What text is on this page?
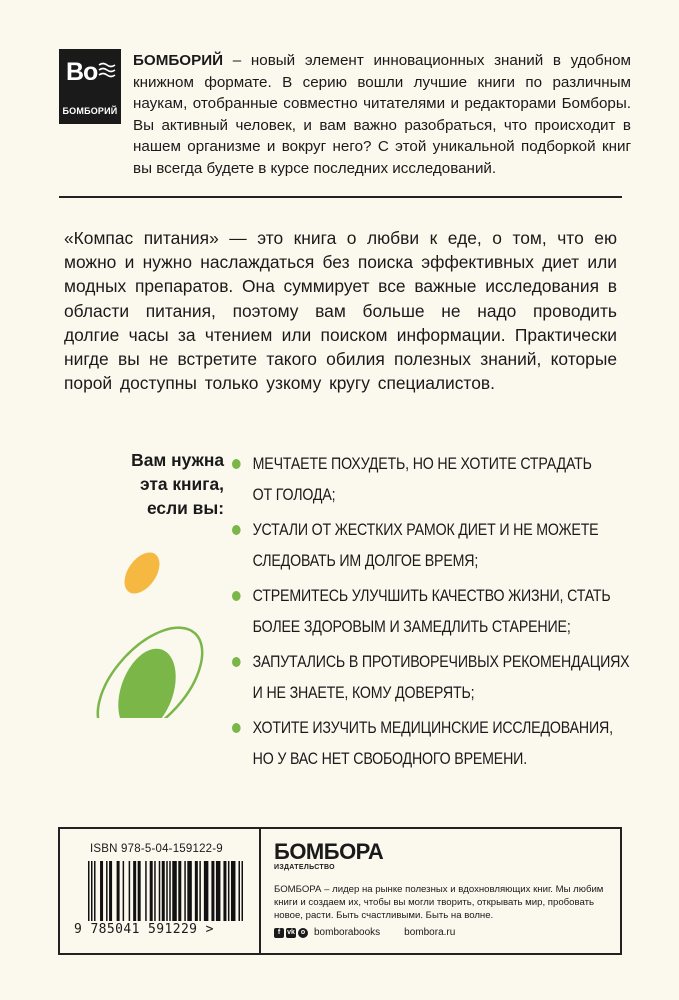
Bo
БОМБОРИЙ
БОМБОРИЙ – новый элемент инновационных знаний в удобном книжном формате. В серию вошли лучшие книги по различным наукам, отобранные совместно читателями и редакторами Бомборы. Вы активный человек, и вам важно разобраться, что происходит в нашем организме и вокруг него? С этой уникальной подборкой книг вы всегда будете в курсе последних исследований.
«Компас питания» — это книга о любви к еде, о том, что ею можно и нужно наслаждаться без поиска эффективных диет или модных препаратов. Она суммирует все важные исследования в области питания, поэтому вам больше не надо проводить долгие часы за чтением или поиском информации. Практически нигде вы не встретите такого обилия полезных знаний, которые порой доступны только узкому кругу специалистов.
Вам нужна
эта книга,
если вы:
МЕЧТАЕТЕ ПОХУДЕТЬ, НО НЕ ХОТИТЕ СТРАДАТЬ
ОТ ГОЛОДА;
УСТАЛИ ОТ ЖЕСТКИХ РАМОК ДИЕТ И НЕ МОЖЕТЕ
СЛЕДОВАТЬ ИМ ДОЛГОЕ ВРЕМЯ;
СТРЕМИТЕСЬ УЛУЧШИТЬ КАЧЕСТВО ЖИЗНИ, СТАТЬ
БОЛЕЕ ЗДОРОВЫМ И ЗАМЕДЛИТЬ СТАРЕНИЕ;
ЗАПУТАЛИСЬ В ПРОТИВОРЕЧИВЫХ РЕКОМЕНДАЦИЯХ
И НЕ ЗНАЕТЕ, КОМУ ДОВЕРЯТЬ;
ХОТИТЕ ИЗУЧИТЬ МЕДИЦИНСКИЕ ИССЛЕДОВАНИЯ,
НО У ВАС НЕТ СВОБОДНОГО ВРЕМЕНИ.
ISBN 978-5-04-159122-9
9 785041 591229 >
БОМБОРА
ИЗДАТЕЛЬСТВО
БОМБОРА – лидер на рынке полезных и вдохновляющих книг. Мы любим книги и создаем их, чтобы вы могли творить, открывать мир, пробовать новое, расти. Быть счастливыми. Быть на волне.
f vk o bomborabooks bombora.ru
